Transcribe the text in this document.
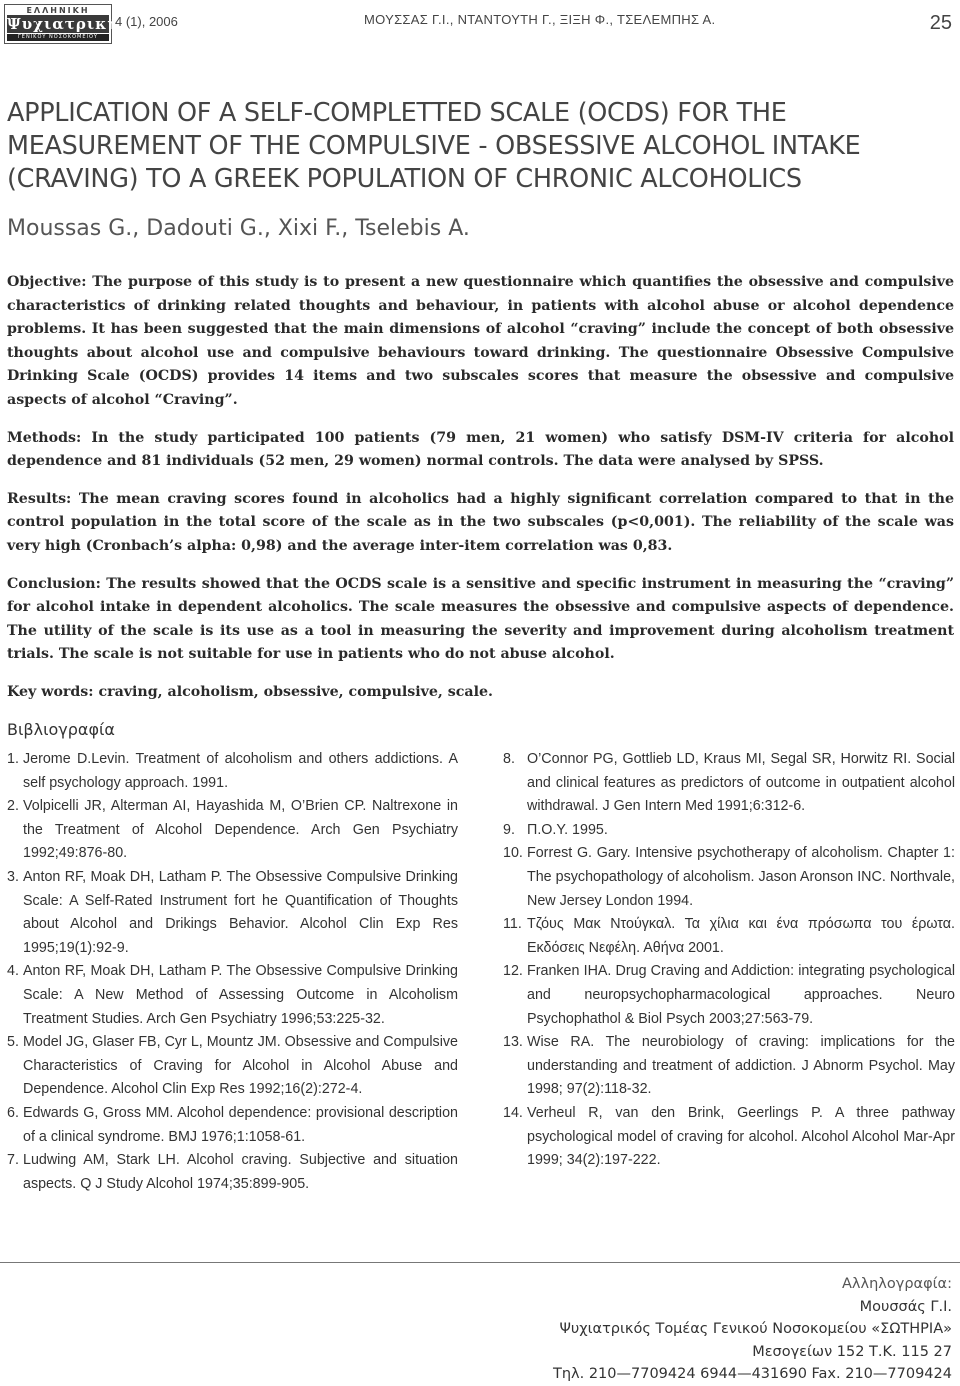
ΕΛΛΗΝΙΚΗ
Ψυχιατρική
ΓΕΝΙΚΟΥ ΝΟΣΟΚΟΜΕΙΟΥ
4 (1), 2006	ΜΟΥΣΣΑΣ Γ.Ι., ΝΤΑΝΤΟΥΤΗ Γ., ΞΙΞΗ Φ., ΤΣΕΛΕΜΠΗΣ Α.	25
APPLICATION OF A SELF-COMPLETTED SCALE (OCDS) FOR THE MEASUREMENT OF THE COMPULSIVE - OBSESSIVE ALCOHOL INTAKE (CRAVING) TO A GREEK POPULATION OF CHRONIC ALCOHOLICS
Moussas G., Dadouti G., Xixi F., Tselebis A.

Objective: The purpose of this study is to present a new questionnaire which quantifies the obsessive and compulsive characteristics of drinking related thoughts and behaviour, in patients with alcohol abuse or alcohol dependence problems. It has been suggested that the main dimensions of alcohol “craving” include the concept of both obsessive thoughts about alcohol use and compulsive behaviours toward drinking. The questionnaire Obsessive Compulsive Drinking Scale (OCDS) provides 14 items and two subscales scores that measure the obsessive and compulsive aspects of alcohol “Craving”.

Methods: In the study participated 100 patients (79 men, 21 women) who satisfy DSM-IV criteria for alcohol dependence and 81 individuals (52 men, 29 women) normal controls. The data were analysed by SPSS.

Results: The mean craving scores found in alcoholics had a highly significant correlation compared to that in the control population in the total score of the scale as in the two subscales (p<0,001). The reliability of the scale was very high (Cronbach’s alpha: 0,98) and the average inter-item correlation was 0,83.

Conclusion: The results showed that the OCDS scale is a sensitive and specific instrument in measuring the “craving” for alcohol intake in dependent alcoholics. The scale measures the obsessive and compulsive aspects of dependence. The utility of the scale is its use as a tool in measuring the severity and improvement during alcoholism treatment trials. The scale is not suitable for use in patients who do not abuse alcohol.

Key words: craving, alcoholism, obsessive, compulsive, scale.

Βιβλιογραφία

1. Jerome D.Levin. Treatment of alcoholism and others addictions. A self psychology approach. 1991.

2. Volpicelli JR, Alterman AI, Hayashida M, O’Brien CP. Naltrexone in the Treatment of Alcohol Dependence. Arch Gen Psychiatry 1992;49:876-80.

3. Anton RF, Moak DH, Latham P. The Obsessive Compulsive Drinking Scale: A Self-Rated Instrument fort he Quantification of Thoughts about Alcohol and Drikings Behavior. Alcohol Clin Exp Res 1995;19(1):92-9.

4. Anton RF, Moak DH, Latham P. The Obsessive Compulsive Drinking Scale: A New Method of Assessing Outcome in Alcoholism Treatment Studies. Arch Gen Psychiatry 1996;53:225-32.

5. Model JG, Glaser FB, Cyr L, Mountz JM. Obsessive and Compulsive Characteristics of Craving for Alcohol in Alcohol Abuse and Dependence. Alcohol Clin Exp Res 1992;16(2):272-4.

6. Edwards G, Gross MM. Alcohol dependence: provisional description of a clinical syndrome. BMJ 1976;1:1058-61.

7. Ludwing AM, Stark LH. Alcohol craving. Subjective and situation aspects. Q J Study Alcohol 1974;35:899-905.

8. O’Connor PG, Gottlieb LD, Kraus MI, Segal SR, Horwitz RI. Social and clinical features as predictors of outcome in outpatient alcohol withdrawal. J Gen Intern Med 1991;6:312-6.

9. Π.Ο.Υ. 1995.

10. Forrest G. Gary. Intensive psychotherapy of alcoholism. Chapter 1: The psychopathology of alcoholism. Jason Aronson INC. Northvale, New Jersey London 1994.

11. Τζόυς Μακ Ντούγκαλ. Τα χίλια και ένα πρόσωπα του έρωτα. Εκδόσεις Νεφέλη. Αθήνα 2001.

12. Franken IHA. Drug Craving and Addiction: integrating psychological and neuropsychopharmacological approaches. Neuro Psychophathol & Biol Psych 2003;27:563-79.

13. Wise RA. The neurobiology of craving: implications for the understanding and treatment of addiction. J Abnorm Psychol. May 1998; 97(2):118-32.

14. Verheul R, van den Brink, Geerlings P. A three pathway psychological model of craving for alcohol. Alcohol Alcohol Mar-Apr 1999; 34(2):197-222.

Αλληλογραφία:
Μουσσάς Γ.Ι.
Ψυχιατρικός Τομέας Γενικού Νοσοκομείου «ΣΩΤΗΡΙΑ»
Μεσογείων 152 Τ.Κ. 115 27
Τηλ. 210—7709424 6944—431690 Fax. 210—7709424
